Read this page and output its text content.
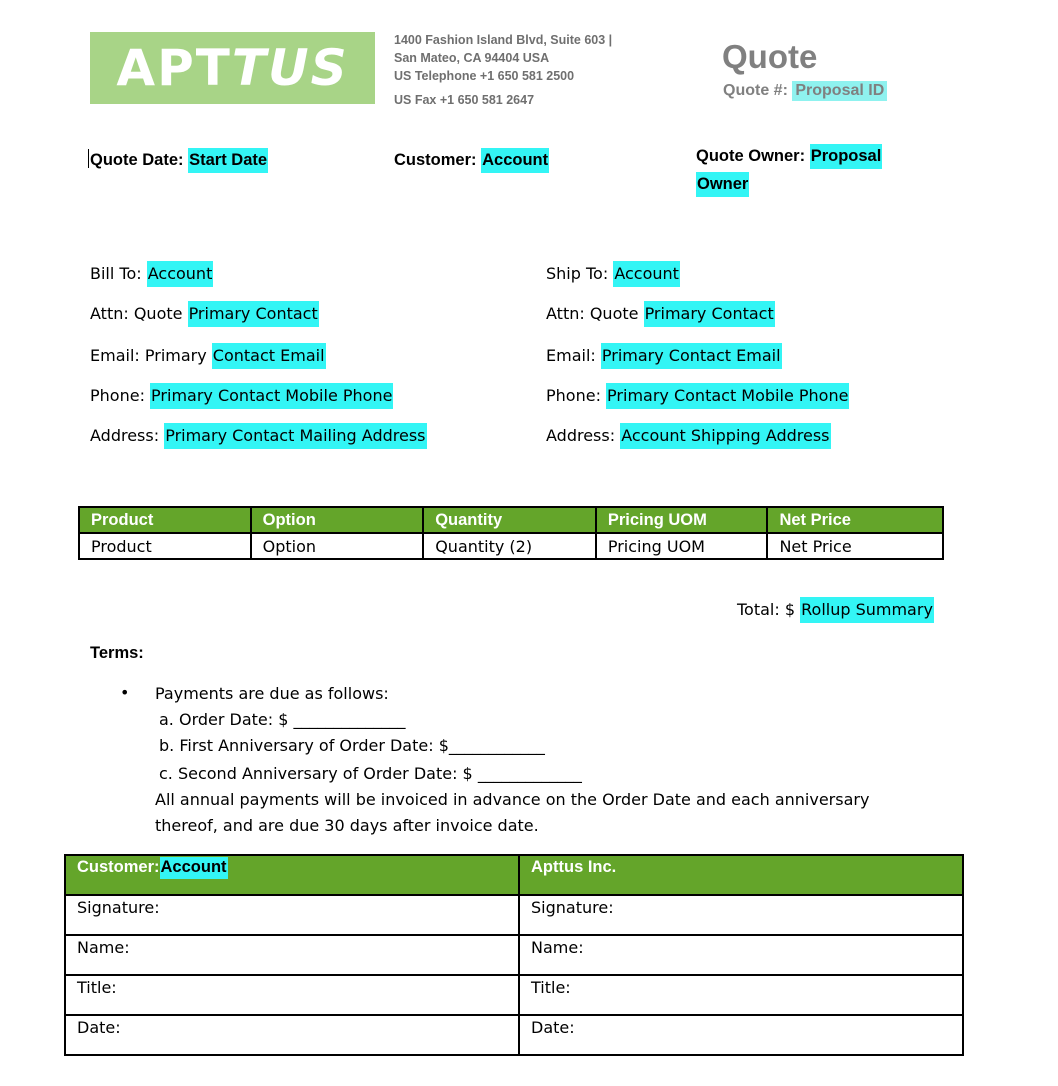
APTTUS	1400 Fashion Island Blvd, Suite 603 |
San Mateo, CA 94404 USA
US Telephone +1 650 581 2500
US Fax +1 650 581 2647
Quote
Quote #: Proposal ID
Quote Date: Start Date	Customer: Account	Quote Owner: Proposal
Owner
Bill To: Account
Attn: Quote Primary Contact
Email: Primary Contact Email
Phone: Primary Contact Mobile Phone
Address: Primary Contact Mailing Address
Ship To: Account
Attn: Quote Primary Contact
Email: Primary Contact Email
Phone: Primary Contact Mobile Phone
Address: Account Shipping Address
Product	Option	Quantity	Pricing UOM	Net Price
Product	Option	Quantity (2)	Pricing UOM	Net Price
Total: $ Rollup Summary
Terms:
• Payments are due as follows:
a. Order Date: $ ______________
b. First Anniversary of Order Date: $____________
c. Second Anniversary of Order Date: $ _____________
All annual payments will be invoiced in advance on the Order Date and each anniversary
thereof, and are due 30 days after invoice date.
Customer:Account	Apttus Inc.
Signature:	Signature:
Name:	Name:
Title:	Title:
Date:	Date:
